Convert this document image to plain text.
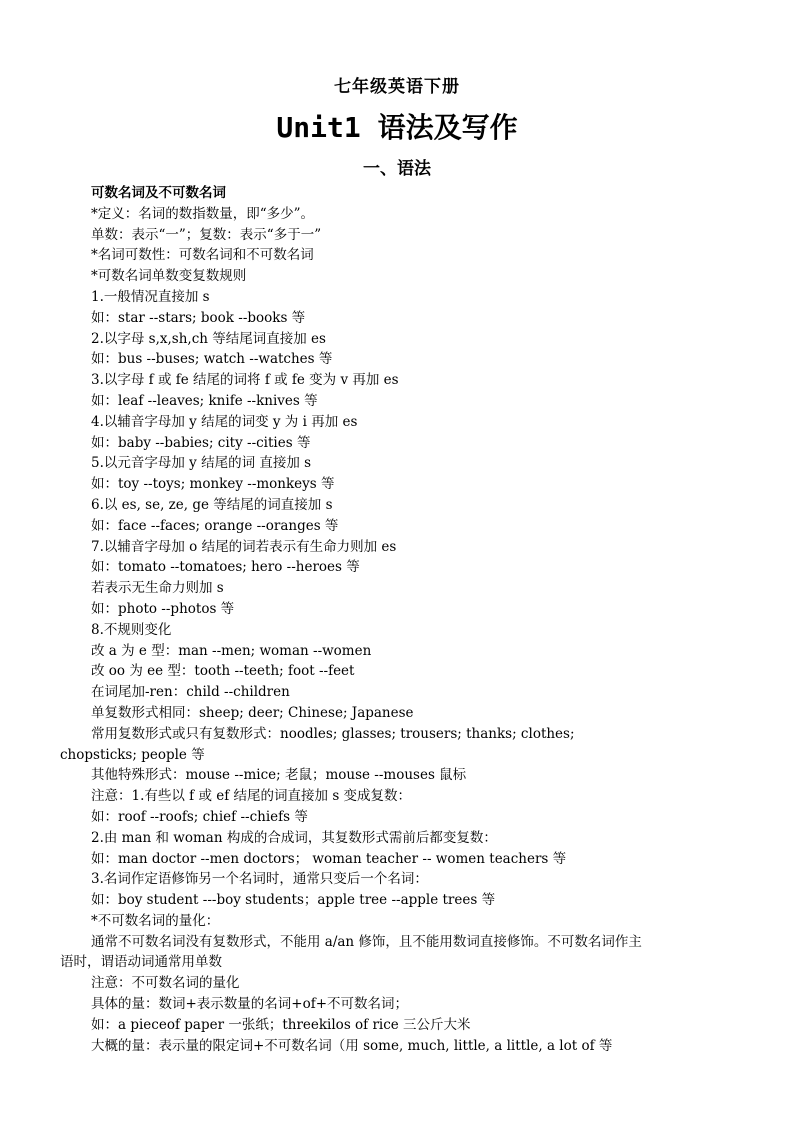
七年级英语下册
Unit1 语法及写作
一、语法
可数名词及不可数名词
*定义：名词的数指数量，即“多少”。
单数：表示“一”；复数：表示“多于一”
*名词可数性：可数名词和不可数名词
*可数名词单数变复数规则
1.一般情况直接加 s
如：star --stars; book --books 等
2.以字母 s,x,sh,ch 等结尾词直接加 es
如：bus --buses; watch --watches 等
3.以字母 f 或 fe 结尾的词将 f 或 fe 变为 v 再加 es
如：leaf --leaves; knife --knives 等
4.以辅音字母加 y 结尾的词变 y 为 i 再加 es
如：baby --babies; city --cities 等
5.以元音字母加 y 结尾的词 直接加 s
如：toy --toys; monkey --monkeys 等
6.以 es, se, ze, ge 等结尾的词直接加 s
如：face --faces; orange --oranges 等
7.以辅音字母加 o 结尾的词若表示有生命力则加 es
如：tomato --tomatoes; hero --heroes 等
若表示无生命力则加 s
如：photo --photos 等
8.不规则变化
改 a 为 e 型：man --men; woman --women
改 oo 为 ee 型：tooth --teeth; foot --feet
在词尾加-ren：child --children
单复数形式相同：sheep; deer; Chinese; Japanese
常用复数形式或只有复数形式：noodles; glasses; trousers; thanks; clothes;
chopsticks; people 等
其他特殊形式：mouse --mice; 老鼠；mouse --mouses 鼠标
注意：1.有些以 f 或 ef 结尾的词直接加 s 变成复数：
如：roof --roofs; chief --chiefs 等
2.由 man 和 woman 构成的合成词，其复数形式需前后都变复数：
如：man doctor --men doctors； woman teacher -- women teachers 等
3.名词作定语修饰另一个名词时，通常只变后一个名词：
如：boy student ---boy students；apple tree --apple trees 等
*不可数名词的量化：
通常不可数名词没有复数形式，不能用 a/an 修饰，且不能用数词直接修饰。不可数名词作主
语时，谓语动词通常用单数
注意：不可数名词的量化
具体的量：数词+表示数量的名词+of+不可数名词；
如：a pieceof paper 一张纸；threekilos of rice 三公斤大米
大概的量：表示量的限定词+不可数名词（用 some, much, little, a little, a lot of 等
